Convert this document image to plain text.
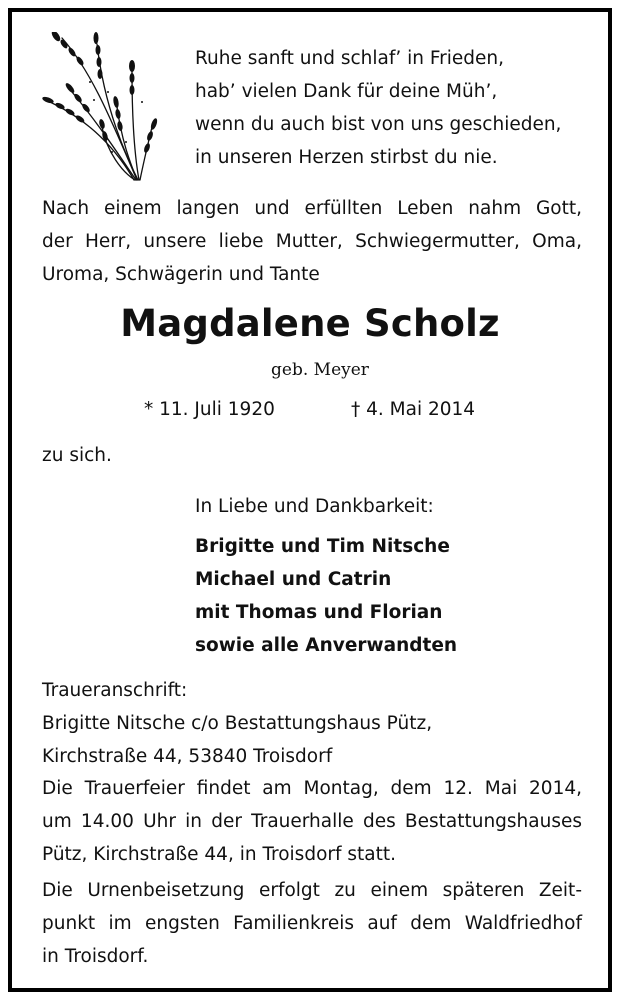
Ruhe sanft und schlaf’ in Frieden,
hab’ vielen Dank für deine Müh’,
wenn du auch bist von uns geschieden,
in unseren Herzen stirbst du nie.
Nach einem langen und erfüllten Leben nahm Gott,
der Herr, unsere liebe Mutter, Schwiegermutter, Oma,
Uroma, Schwägerin und Tante
Magdalene Scholz
geb. Meyer
* 11. Juli 1920	† 4. Mai 2014
zu sich.
In Liebe und Dankbarkeit:
Brigitte und Tim Nitsche
Michael und Catrin
mit Thomas und Florian
sowie alle Anverwandten
Traueranschrift:
Brigitte Nitsche c/o Bestattungshaus Pütz,
Kirchstraße 44, 53840 Troisdorf
Die Trauerfeier findet am Montag, dem 12. Mai 2014,
um 14.00 Uhr in der Trauerhalle des Bestattungshauses
Pütz, Kirchstraße 44, in Troisdorf statt.
Die Urnenbeisetzung erfolgt zu einem späteren Zeit-
punkt im engsten Familienkreis auf dem Waldfriedhof
in Troisdorf.
